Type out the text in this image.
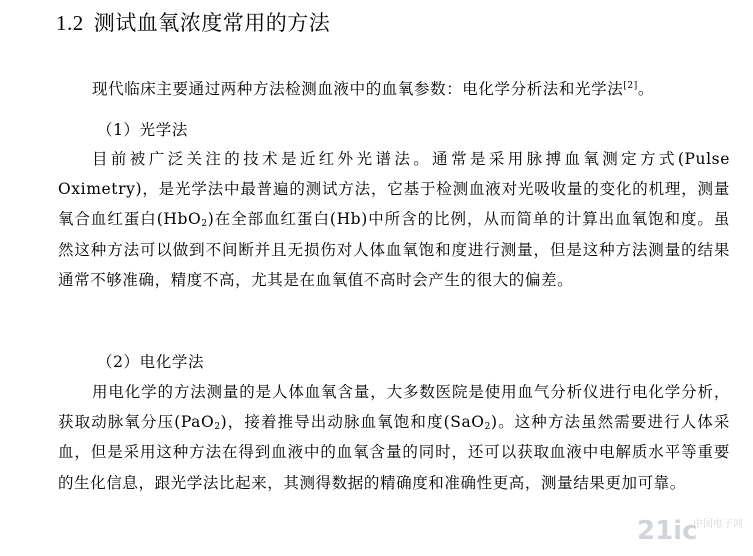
1.2 测试血氧浓度常用的方法
现代临床主要通过两种方法检测血液中的血氧参数：电化学分析法和光学法[2]。
（1）光学法
目前被广泛关注的技术是近红外光谱法。通常是采用脉搏血氧测定方式(Pulse Oximetry)，是光学法中最普遍的测试方法，它基于检测血液对光吸收量的变化的机理，测量氧合血红蛋白(HbO$_2$)在全部血红蛋白(Hb)中所含的比例，从而简单的计算出血氧饱和度。虽然这种方法可以做到不间断并且无损伤对人体血氧饱和度进行测量，但是这种方法测量的结果通常不够准确，精度不高，尤其是在血氧值不高时会产生的很大的偏差。
（2）电化学法
用电化学的方法测量的是人体血氧含量，大多数医院是使用血气分析仪进行电化学分析，获取动脉氧分压(PaO$_2$)，接着推导出动脉血氧饱和度(SaO$_2$)。这种方法虽然需要进行人体采血，但是采用这种方法在得到血液中的血氧含量的同时，还可以获取血液中电解质水平等重要的生化信息，跟光学法比起来，其测得数据的精确度和准确性更高，测量结果更加可靠。
21ic
中国电子网
